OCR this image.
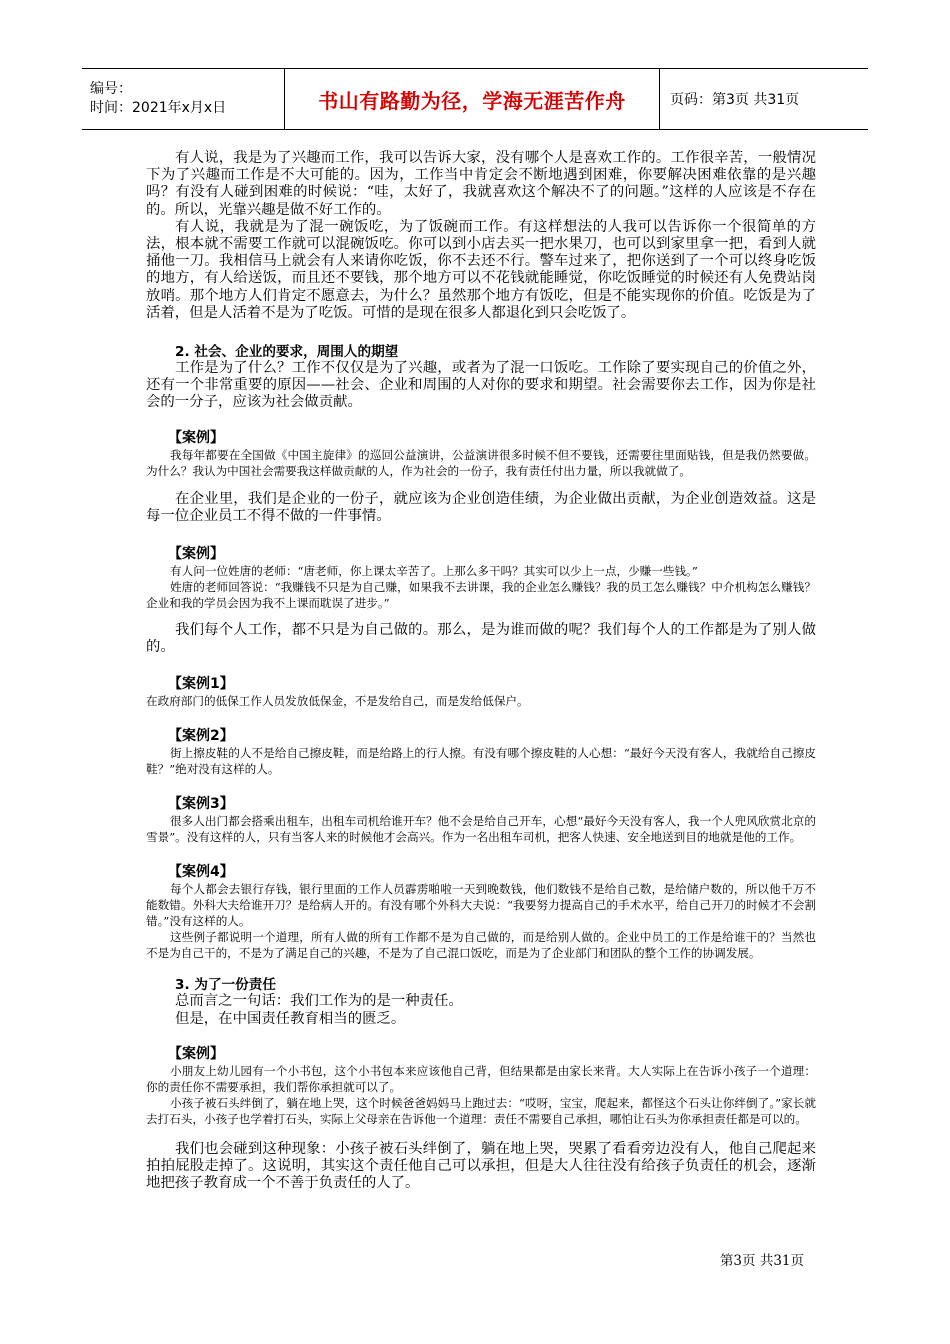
编号：
时间：2021年x月x日	书山有路勤为径，学海无涯苦作舟	页码：第3页 共31页

有人说，我是为了兴趣而工作，我可以告诉大家，没有哪个人是喜欢工作的。工作很辛苦，一般情况下为了兴趣而工作是不大可能的。因为，工作当中肯定会不断地遇到困难，你要解决困难依靠的是兴趣吗？有没有人碰到困难的时候说：“哇，太好了，我就喜欢这个解决不了的问题。”这样的人应该是不存在的。所以，光靠兴趣是做不好工作的。

有人说，我就是为了混一碗饭吃，为了饭碗而工作。有这样想法的人我可以告诉你一个很简单的方法，根本就不需要工作就可以混碗饭吃。你可以到小店去买一把水果刀，也可以到家里拿一把，看到人就捅他一刀。我相信马上就会有人来请你吃饭，你不去还不行。警车过来了，把你送到了一个可以终身吃饭的地方，有人给送饭，而且还不要钱，那个地方可以不花钱就能睡觉，你吃饭睡觉的时候还有人免费站岗放哨。那个地方人们肯定不愿意去，为什么？虽然那个地方有饭吃，但是不能实现你的价值。吃饭是为了活着，但是人活着不是为了吃饭。可惜的是现在很多人都退化到只会吃饭了。

2. 社会、企业的要求，周围人的期望

工作是为了什么？工作不仅仅是为了兴趣，或者为了混一口饭吃。工作除了要实现自己的价值之外，还有一个非常重要的原因——社会、企业和周围的人对你的要求和期望。社会需要你去工作，因为你是社会的一分子，应该为社会做贡献。

【案例】

我每年都要在全国做《中国主旋律》的巡回公益演讲，公益演讲很多时候不但不要钱，还需要往里面贴钱，但是我仍然要做。为什么？我认为中国社会需要我这样做贡献的人，作为社会的一份子，我有责任付出力量，所以我就做了。

在企业里，我们是企业的一份子，就应该为企业创造佳绩，为企业做出贡献，为企业创造效益。这是每一位企业员工不得不做的一件事情。

【案例】

有人问一位姓唐的老师：“唐老师，你上课太辛苦了。上那么多干吗？其实可以少上一点，少赚一些钱。”

姓唐的老师回答说：“我赚钱不只是为自己赚，如果我不去讲课，我的企业怎么赚钱？我的员工怎么赚钱？中介机构怎么赚钱？企业和我的学员会因为我不上课而耽误了进步。”

我们每个人工作，都不只是为自己做的。那么，是为谁而做的呢？我们每个人的工作都是为了别人做的。

【案例1】

在政府部门的低保工作人员发放低保金，不是发给自己，而是发给低保户。

【案例2】

街上擦皮鞋的人不是给自己擦皮鞋，而是给路上的行人擦。有没有哪个擦皮鞋的人心想：“最好今天没有客人，我就给自己擦皮鞋？”绝对没有这样的人。

【案例3】

很多人出门都会搭乘出租车，出租车司机给谁开车？他不会是给自己开车，心想“最好今天没有客人，我一个人兜风欣赏北京的雪景”。没有这样的人，只有当客人来的时候他才会高兴。作为一名出租车司机，把客人快速、安全地送到目的地就是他的工作。

【案例4】

每个人都会去银行存钱，银行里面的工作人员霹雳啪啦一天到晚数钱，他们数钱不是给自己数，是给储户数的，所以他千万不能数错。外科大夫给谁开刀？是给病人开的。有没有哪个外科大夫说：“我要努力提高自己的手术水平，给自己开刀的时候才不会割错。”没有这样的人。

这些例子都说明一个道理，所有人做的所有工作都不是为自己做的，而是给别人做的。企业中员工的工作是给谁干的？当然也不是为自己干的，不是为了满足自己的兴趣，不是为了自己混口饭吃，而是为了企业部门和团队的整个工作的协调发展。

3. 为了一份责任

总而言之一句话：我们工作为的是一种责任。

但是，在中国责任教育相当的匮乏。

【案例】

小朋友上幼儿园有一个小书包，这个小书包本来应该他自己背，但结果都是由家长来背。大人实际上在告诉小孩子一个道理：你的责任你不需要承担，我们帮你承担就可以了。

小孩子被石头绊倒了，躺在地上哭，这个时候爸爸妈妈马上跑过去：“哎呀，宝宝，爬起来，都怪这个石头让你绊倒了。”家长就去打石头，小孩子也学着打石头，实际上父母亲在告诉他一个道理：责任不需要自己承担，哪怕让石头为你承担责任都是可以的。

我们也会碰到这种现象：小孩子被石头绊倒了，躺在地上哭，哭累了看看旁边没有人，他自己爬起来拍拍屁股走掉了。这说明，其实这个责任他自己可以承担，但是大人往往没有给孩子负责任的机会，逐渐地把孩子教育成一个不善于负责任的人了。

第3页 共31页
